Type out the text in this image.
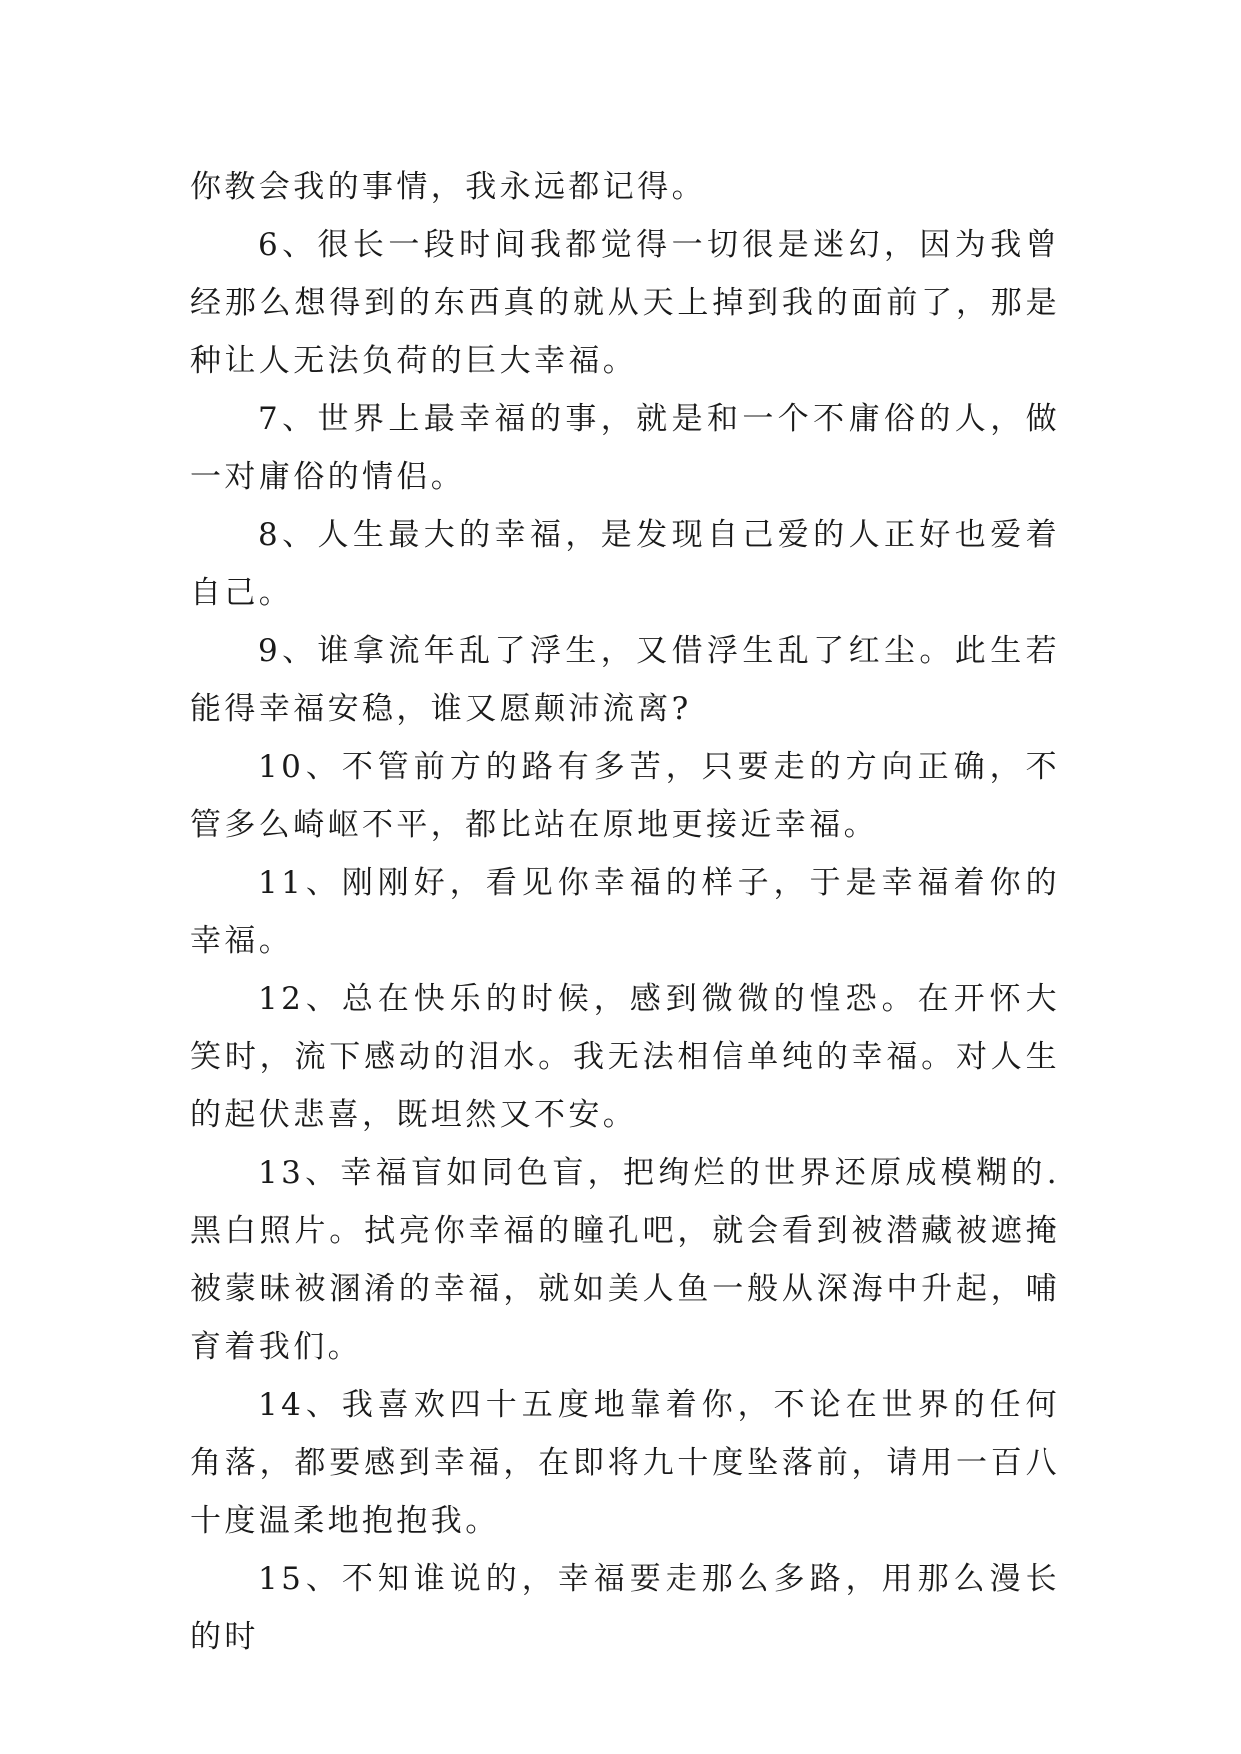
你教会我的事情，我永远都记得。

6、很长一段时间我都觉得一切很是迷幻，因为我曾经那么想得到的东西真的就从天上掉到我的面前了，那是种让人无法负荷的巨大幸福。

7、世界上最幸福的事，就是和一个不庸俗的人，做一对庸俗的情侣。

8、人生最大的幸福，是发现自己爱的人正好也爱着自己。

9、谁拿流年乱了浮生，又借浮生乱了红尘。此生若能得幸福安稳，谁又愿颠沛流离?

10、不管前方的路有多苦，只要走的方向正确，不管多么崎岖不平，都比站在原地更接近幸福。

11、刚刚好，看见你幸福的样子，于是幸福着你的幸福。

12、总在快乐的时候，感到微微的惶恐。在开怀大笑时，流下感动的泪水。我无法相信单纯的幸福。对人生的起伏悲喜，既坦然又不安。

13、幸福盲如同色盲，把绚烂的世界还原成模糊的.黑白照片。拭亮你幸福的瞳孔吧，就会看到被潜藏被遮掩被蒙昧被溷淆的幸福，就如美人鱼一般从深海中升起，哺育着我们。

14、我喜欢四十五度地靠着你，不论在世界的任何角落，都要感到幸福，在即将九十度坠落前，请用一百八十度温柔地抱抱我。

15、不知谁说的，幸福要走那么多路，用那么漫长的时
